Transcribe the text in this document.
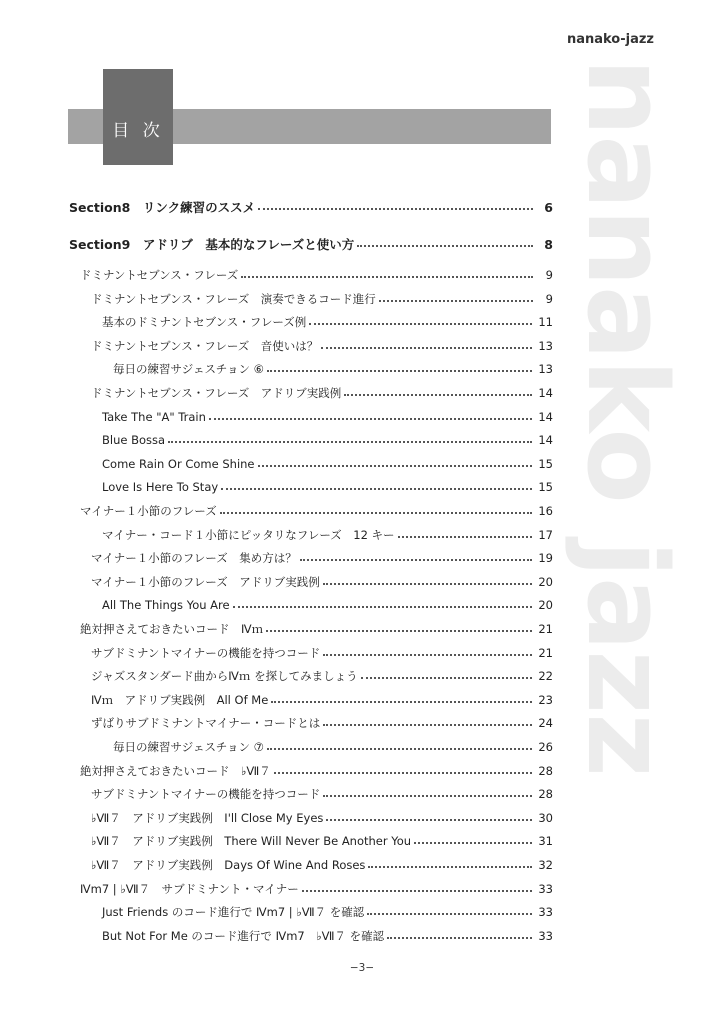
nanako-jazz
nanako jazz
目 次
Section8　リンク練習のススメ	6
Section9　アドリブ　基本的なフレーズと使い方	8
ドミナントセブンス・フレーズ	9
ドミナントセブンス・フレーズ　演奏できるコード進行	9
基本のドミナントセブンス・フレーズ例	11
ドミナントセブンス・フレーズ　音使いは？	13
毎日の練習サジェスチョン ⑥	13
ドミナントセブンス・フレーズ　アドリブ実践例	14
Take The "A" Train	14
Blue Bossa	14
Come Rain Or Come Shine	15
Love Is Here To Stay	15
マイナー１小節のフレーズ	16
マイナー・コード１小節にピッタリなフレーズ　12 キー	17
マイナー１小節のフレーズ　集め方は？	19
マイナー１小節のフレーズ　アドリブ実践例	20
All The Things You Are	20
絶対押さえておきたいコード　Ⅳｍ	21
サブドミナントマイナーの機能を持つコード	21
ジャズスタンダード曲からⅣｍ を探してみましょう	22
Ⅳｍ　アドリブ実践例　All Of Me	23
ずばりサブドミナントマイナー・コードとは	24
毎日の練習サジェスチョン ⑦	26
絶対押さえておきたいコード　♭Ⅶ７	28
サブドミナントマイナーの機能を持つコード	28
♭Ⅶ７　アドリブ実践例　I'll Close My Eyes	30
♭Ⅶ７　アドリブ実践例　There Will Never Be Another You	31
♭Ⅶ７　アドリブ実践例　Days Of Wine And Roses	32
Ⅳm7 | ♭Ⅶ７　サブドミナント・マイナー	33
Just Friends のコード進行で Ⅳm7 | ♭Ⅶ７ を確認	33
But Not For Me のコード進行で Ⅳm7　♭Ⅶ７ を確認	33
−3−
